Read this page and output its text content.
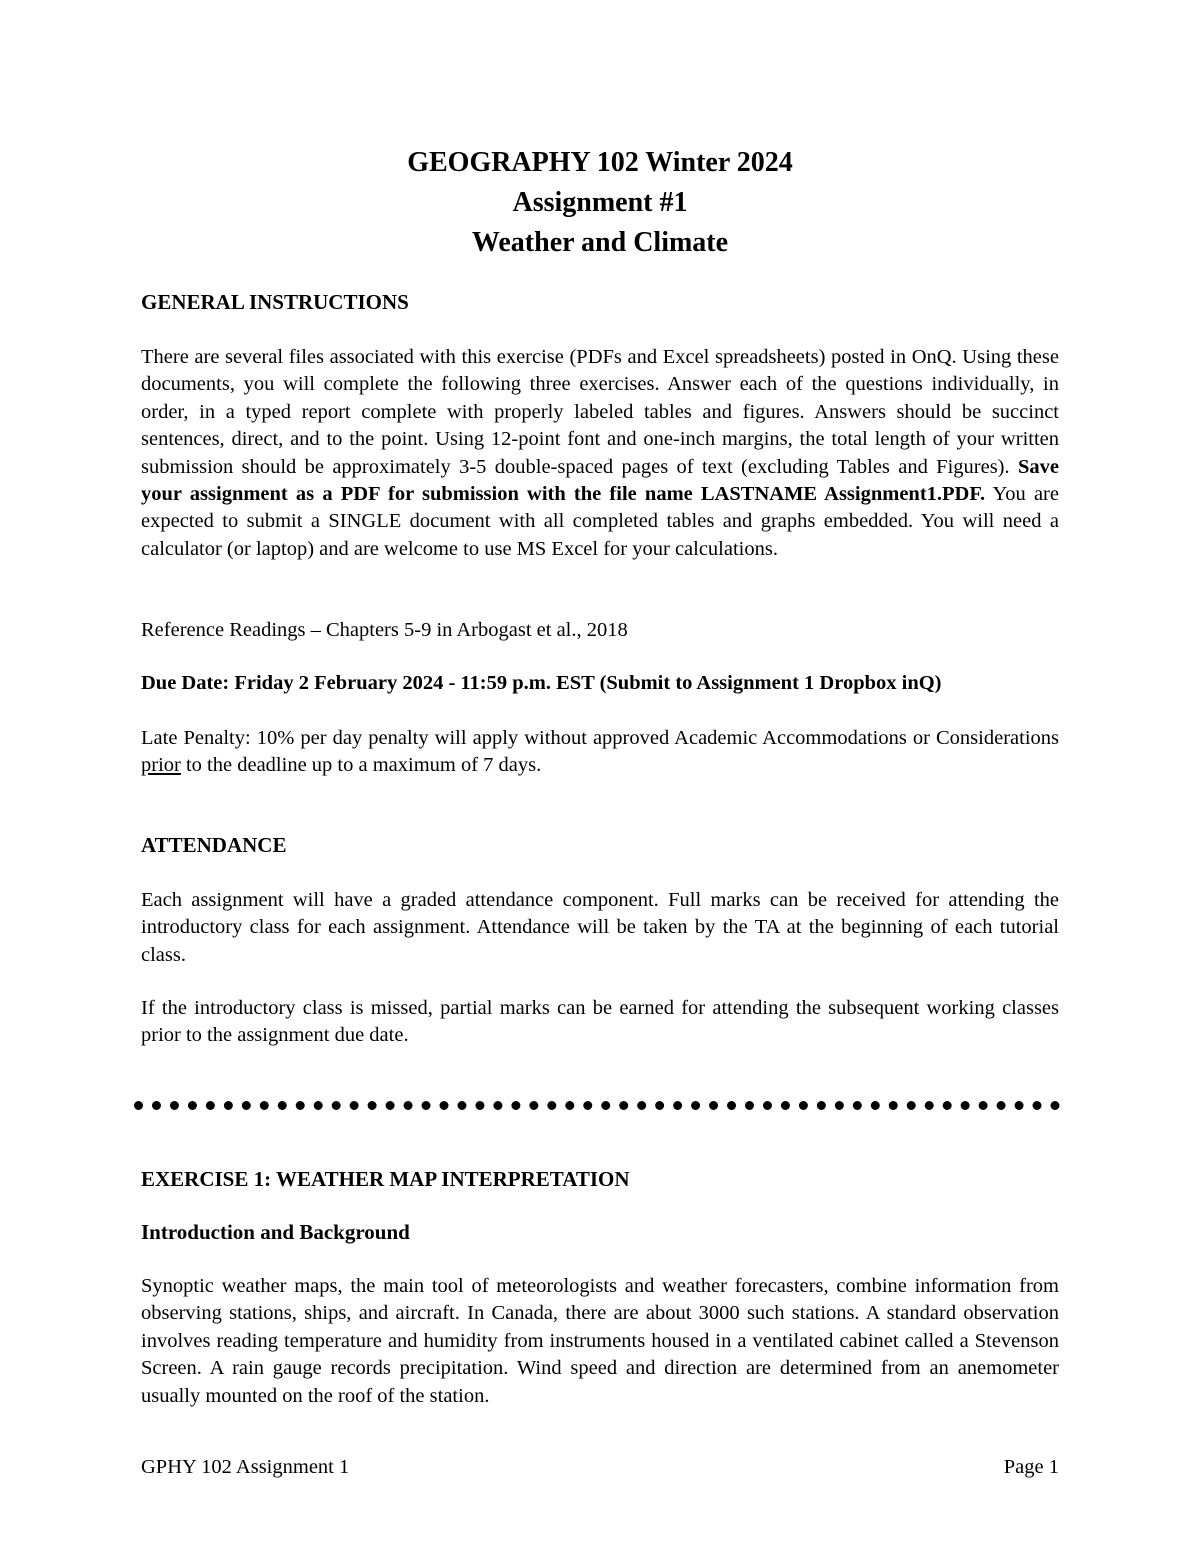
GEOGRAPHY 102 Winter 2024
Assignment #1
Weather and Climate
GENERAL INSTRUCTIONS
There are several files associated with this exercise (PDFs and Excel spreadsheets) posted in OnQ. Using these documents, you will complete the following three exercises. Answer each of the questions individually, in order, in a typed report complete with properly labeled tables and figures. Answers should be succinct sentences, direct, and to the point. Using 12-point font and one-inch margins, the total length of your written submission should be approximately 3-5 double-spaced pages of text (excluding Tables and Figures). Save your assignment as a PDF for submission with the file name LASTNAME Assignment1.PDF. You are expected to submit a SINGLE document with all completed tables and graphs embedded. You will need a calculator (or laptop) and are welcome to use MS Excel for your calculations.
Reference Readings – Chapters 5-9 in Arbogast et al., 2018
Due Date: Friday 2 February 2024 - 11:59 p.m. EST (Submit to Assignment 1 Dropbox inQ)
Late Penalty: 10% per day penalty will apply without approved Academic Accommodations or Considerations prior to the deadline up to a maximum of 7 days.
ATTENDANCE
Each assignment will have a graded attendance component. Full marks can be received for attending the introductory class for each assignment. Attendance will be taken by the TA at the beginning of each tutorial class.
If the introductory class is missed, partial marks can be earned for attending the subsequent working classes prior to the assignment due date.
EXERCISE 1: WEATHER MAP INTERPRETATION
Introduction and Background
Synoptic weather maps, the main tool of meteorologists and weather forecasters, combine information from observing stations, ships, and aircraft. In Canada, there are about 3000 such stations. A standard observation involves reading temperature and humidity from instruments housed in a ventilated cabinet called a Stevenson Screen. A rain gauge records precipitation. Wind speed and direction are determined from an anemometer usually mounted on the roof of the station.
GPHY 102 Assignment 1	Page 1
